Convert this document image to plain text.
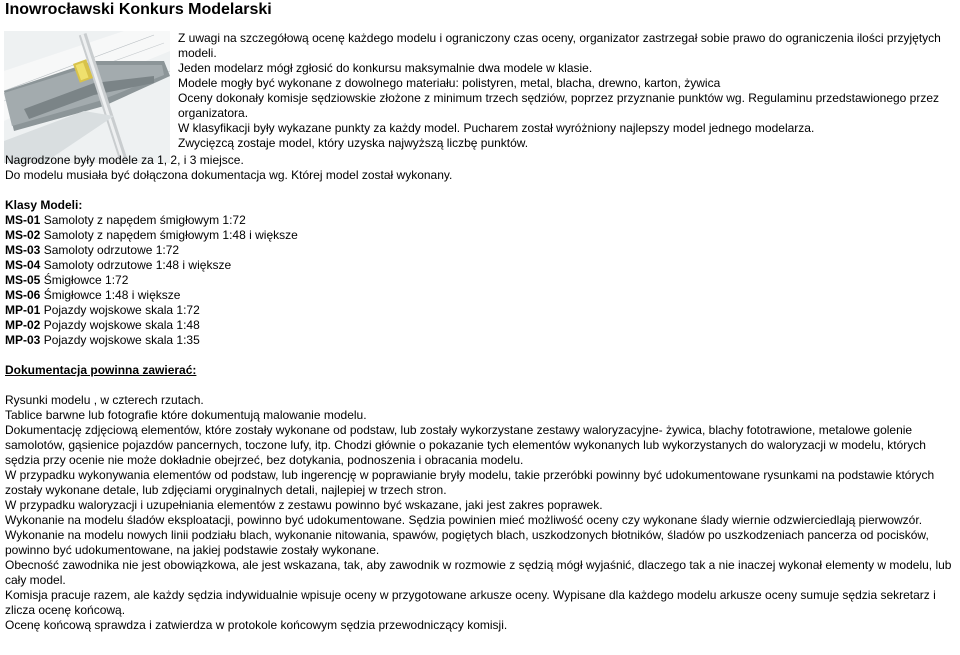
Inowrocławski Konkurs Modelarski

Z uwagi na szczegółową ocenę każdego modelu i ograniczony czas oceny, organizator zastrzegał sobie prawo do ograniczenia ilości przyjętych modeli.

Jeden modelarz mógł zgłosić do konkursu maksymalnie dwa modele w klasie.

Modele mogły być wykonane z dowolnego materiału: polistyren, metal, blacha, drewno, karton, żywica

Oceny dokonały komisje sędziowskie złożone z minimum trzech sędziów, poprzez przyznanie punktów wg. Regulaminu przedstawionego przez organizatora.

W klasyfikacji były wykazane punkty za każdy model. Pucharem został wyróżniony najlepszy model jednego modelarza.

Zwycięzcą zostaje model, który uzyska najwyższą liczbę punktów.

Nagrodzone były modele za 1, 2, i 3 miejsce.

Do modelu musiała być dołączona dokumentacja wg. Której model został wykonany.

Klasy Modeli:

MS-01 Samoloty z napędem śmigłowym 1:72

MS-02 Samoloty z napędem śmigłowym 1:48 i większe

MS-03 Samoloty odrzutowe 1:72

MS-04 Samoloty odrzutowe 1:48 i większe

MS-05 Śmigłowce 1:72

MS-06 Śmigłowce 1:48 i większe

MP-01 Pojazdy wojskowe skala 1:72

MP-02 Pojazdy wojskowe skala 1:48

MP-03 Pojazdy wojskowe skala 1:35

Dokumentacja powinna zawierać:

Rysunki modelu , w czterech rzutach.

Tablice barwne lub fotografie które dokumentują malowanie modelu.

Dokumentację zdjęciową elementów, które zostały wykonane od podstaw, lub zostały wykorzystane zestawy waloryzacyjne- żywica, blachy fototrawione, metalowe golenie samolotów, gąsienice pojazdów pancernych, toczone lufy, itp. Chodzi głównie o pokazanie tych elementów wykonanych lub wykorzystanych do waloryzacji w modelu, których sędzia przy ocenie nie może dokładnie obejrzeć, bez dotykania, podnoszenia i obracania modelu.

W przypadku wykonywania elementów od podstaw, lub ingerencję w poprawianie bryły modelu, takie przeróbki powinny być udokumentowane rysunkami na podstawie których zostały wykonane detale, lub zdjęciami oryginalnych detali, najlepiej w trzech stron.

W przypadku waloryzacji i uzupełniania elementów z zestawu powinno być wskazane, jaki jest zakres poprawek.

Wykonanie na modelu śladów eksploatacji, powinno być udokumentowane. Sędzia powinien mieć możliwość oceny czy wykonane ślady wiernie odzwierciedlają pierwowzór.

Wykonanie na modelu nowych linii podziału blach, wykonanie nitowania, spawów, pogiętych blach, uszkodzonych błotników, śladów po uszkodzeniach pancerza od pocisków, powinno być udokumentowane, na jakiej podstawie zostały wykonane.

Obecność zawodnika nie jest obowiązkowa, ale jest wskazana, tak, aby zawodnik w rozmowie z sędzią mógł wyjaśnić, dlaczego tak a nie inaczej wykonał elementy w modelu, lub cały model.

Komisja pracuje razem, ale każdy sędzia indywidualnie wpisuje oceny w przygotowane arkusze oceny. Wypisane dla każdego modelu arkusze oceny sumuje sędzia sekretarz i zlicza ocenę końcową.

Ocenę końcową sprawdza i zatwierdza w protokole końcowym sędzia przewodniczący komisji.
